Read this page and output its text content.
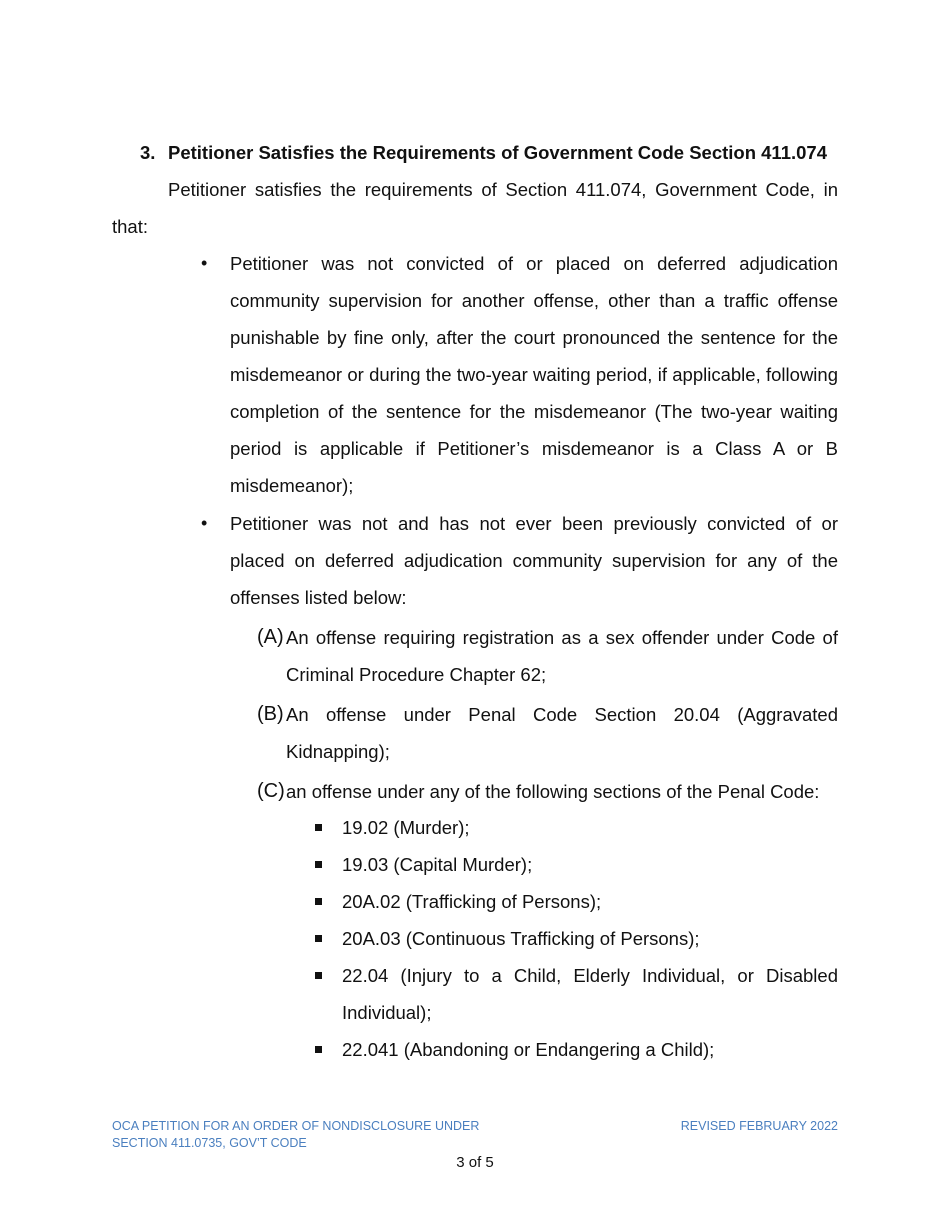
3. Petitioner Satisfies the Requirements of Government Code Section 411.074
Petitioner satisfies the requirements of Section 411.074, Government Code, in that:
• Petitioner was not convicted of or placed on deferred adjudication community supervision for another offense, other than a traffic offense punishable by fine only, after the court pronounced the sentence for the misdemeanor or during the two-year waiting period, if applicable, following completion of the sentence for the misdemeanor (The two-year waiting period is applicable if Petitioner’s misdemeanor is a Class A or B misdemeanor);
• Petitioner was not and has not ever been previously convicted of or placed on deferred adjudication community supervision for any of the offenses listed below:
(A) An offense requiring registration as a sex offender under Code of Criminal Procedure Chapter 62;
(B) An offense under Penal Code Section 20.04 (Aggravated Kidnapping);
(C) an offense under any of the following sections of the Penal Code:
19.02 (Murder);
19.03 (Capital Murder);
20A.02 (Trafficking of Persons);
20A.03 (Continuous Trafficking of Persons);
22.04 (Injury to a Child, Elderly Individual, or Disabled Individual);
22.041 (Abandoning or Endangering a Child);
OCA PETITION FOR AN ORDER OF NONDISCLOSURE UNDER
SECTION 411.0735, GOV’T CODE
REVISED FEBRUARY 2022
3 of 5
